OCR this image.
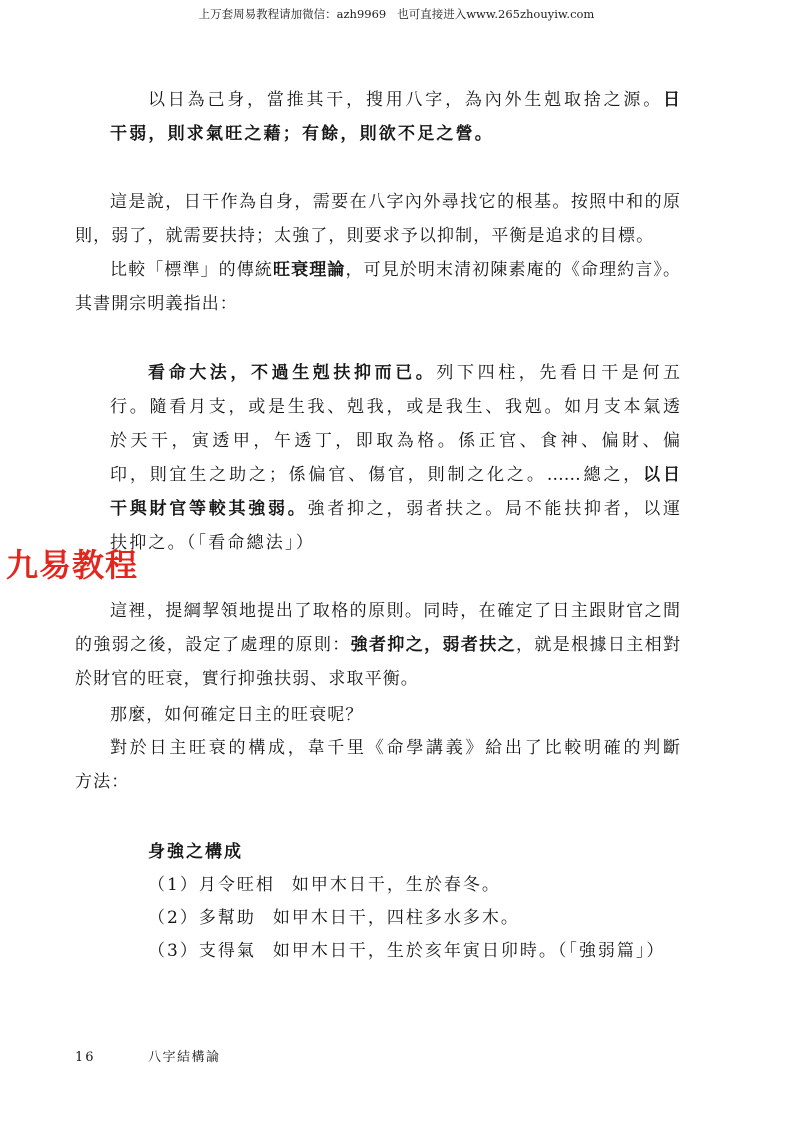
上万套周易教程请加微信：azh9969   也可直接进入www.265zhouyiw.com
以日為己身，當推其干，搜用八字，為內外生剋取捨之源。日
干弱，則求氣旺之藉；有餘，則欲不足之營。
這是說，日干作為自身，需要在八字內外尋找它的根基。按照中和的原
則，弱了，就需要扶持；太強了，則要求予以抑制，平衡是追求的目標。
比較「標準」的傳統旺衰理論，可見於明末清初陳素庵的《命理約言》。
其書開宗明義指出：
看命大法，不過生剋扶抑而已。列下四柱，先看日干是何五
行。隨看月支，或是生我、剋我，或是我生、我剋。如月支本氣透
於天干，寅透甲，午透丁，即取為格。係正官、食神、偏財、偏
印，則宜生之助之；係偏官、傷官，則制之化之。……總之，以日
干與財官等較其強弱。強者抑之，弱者扶之。局不能扶抑者，以運
扶抑之。（「看命總法」）
九易教程
這裡，提綱挈領地提出了取格的原則。同時，在確定了日主跟財官之間
的強弱之後，設定了處理的原則：強者抑之，弱者扶之，就是根據日主相對
於財官的旺衰，實行抑強扶弱、求取平衡。
那麼，如何確定日主的旺衰呢？
對於日主旺衰的構成，韋千里《命學講義》給出了比較明確的判斷
方法：
身強之構成
（1）月令旺相 如甲木日干，生於春冬。
（2）多幫助 如甲木日干，四柱多水多木。
（3）支得氣 如甲木日干，生於亥年寅日卯時。（「強弱篇」）
16	八字結構論
